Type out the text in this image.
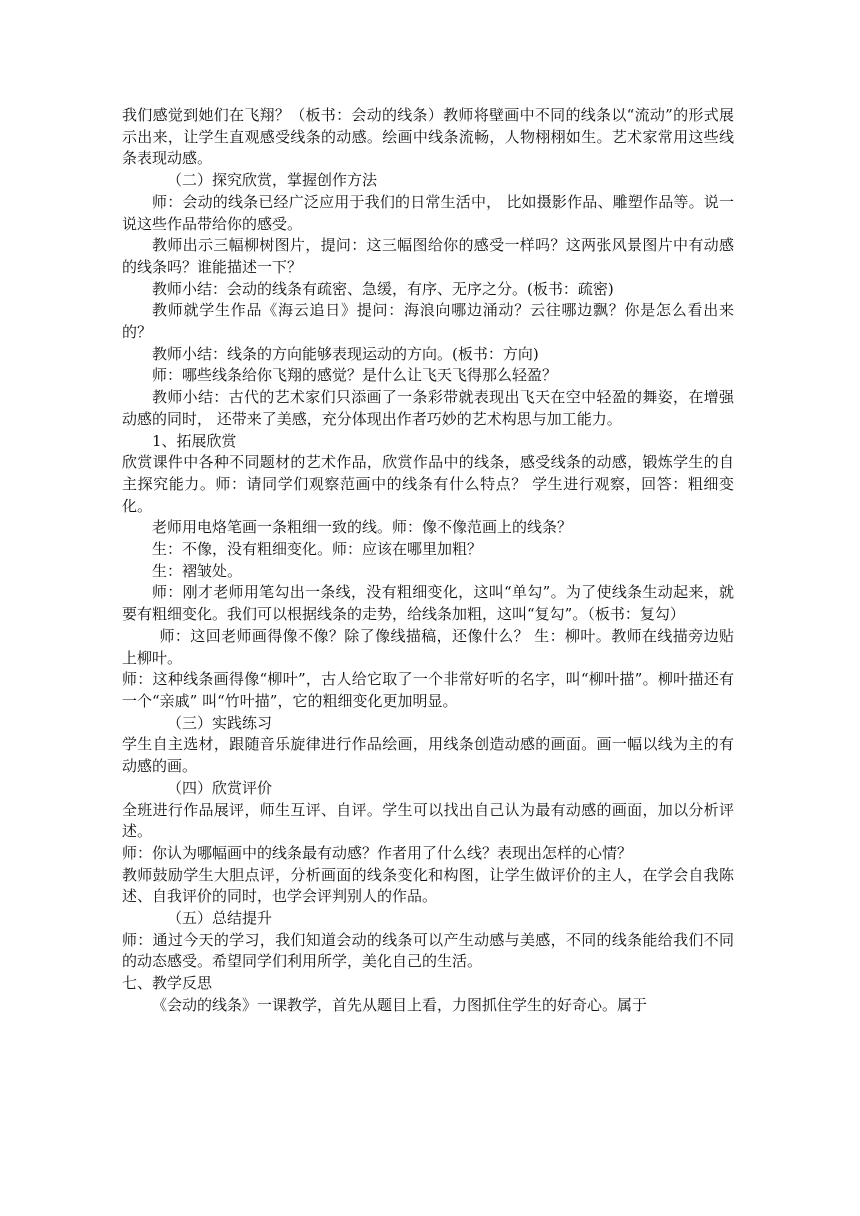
我们感觉到她们在飞翔？（板书：会动的线条）教师将壁画中不同的线条以“流动”的形式展示出来，让学生直观感受线条的动感。绘画中线条流畅，人物栩栩如生。艺术家常用这些线条表现动感。

（二）探究欣赏，掌握创作方法

师：会动的线条已经广泛应用于我们的日常生活中， 比如摄影作品、雕塑作品等。说一说这些作品带给你的感受。

教师出示三幅柳树图片，提问：这三幅图给你的感受一样吗？这两张风景图片中有动感的线条吗？谁能描述一下？

教师小结：会动的线条有疏密、急缓，有序、无序之分。(板书：疏密)

教师就学生作品《海云追日》提问：海浪向哪边涌动？云往哪边飘？你是怎么看出来的？

教师小结：线条的方向能够表现运动的方向。(板书：方向)

师：哪些线条给你飞翔的感觉？是什么让飞天飞得那么轻盈？

教师小结：古代的艺术家们只添画了一条彩带就表现出飞天在空中轻盈的舞姿，在增强动感的同时， 还带来了美感，充分体现出作者巧妙的艺术构思与加工能力。

1、拓展欣赏

欣赏课件中各种不同题材的艺术作品，欣赏作品中的线条，感受线条的动感，锻炼学生的自主探究能力。师：请同学们观察范画中的线条有什么特点？ 学生进行观察，回答：粗细变化。

老师用电烙笔画一条粗细一致的线。师：像不像范画上的线条？

生：不像，没有粗细变化。师：应该在哪里加粗？

生：褶皱处。

师：刚才老师用笔勾出一条线，没有粗细变化，这叫“单勾”。为了使线条生动起来，就要有粗细变化。我们可以根据线条的走势，给线条加粗，这叫“复勾”。（板书：复勾）

师：这回老师画得像不像？除了像线描稿，还像什么？ 生：柳叶。教师在线描旁边贴上柳叶。

师：这种线条画得像“柳叶”，古人给它取了一个非常好听的名字，叫“柳叶描”。柳叶描还有一个“亲戚” 叫“竹叶描”，它的粗细变化更加明显。

（三）实践练习

学生自主选材，跟随音乐旋律进行作品绘画，用线条创造动感的画面。画一幅以线为主的有动感的画。

（四）欣赏评价

全班进行作品展评，师生互评、自评。学生可以找出自己认为最有动感的画面，加以分析评述。

师：你认为哪幅画中的线条最有动感？作者用了什么线？表现出怎样的心情？

教师鼓励学生大胆点评，分析画面的线条变化和构图，让学生做评价的主人，在学会自我陈述、自我评价的同时，也学会评判别人的作品。

（五）总结提升

师：通过今天的学习，我们知道会动的线条可以产生动感与美感，不同的线条能给我们不同的动态感受。希望同学们利用所学，美化自己的生活。

七、教学反思

《会动的线条》一课教学，首先从题目上看，力图抓住学生的好奇心。属于
